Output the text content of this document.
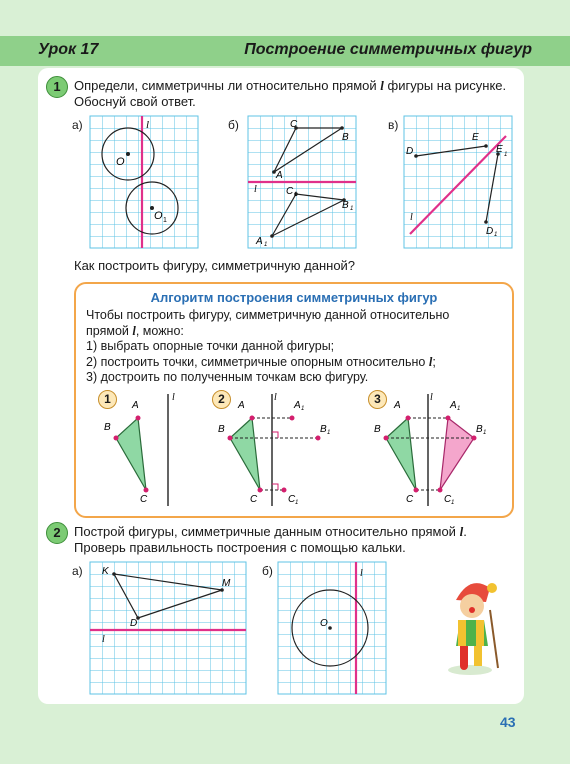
Урок 17	Построение симметричных фигур
1	Определи, симметричны ли относительно прямой l фигуры на рисунке.
Обоснуй свой ответ.
а)	б)	в)
O
O 1
l
A
C
B
A 1
C 1
B 1
l
D
E
E 1
D 1
l
Как построить фигуру, симметричную данной?
Алгоритм построения симметричных фигур
Чтобы построить фигуру, симметричную данной относительно
прямой l, можно:
1) выбрать опорные точки данной фигуры;
2) построить точки, симметричные опорным относительно l;
3) достроить по полученным точкам всю фигуру.
1	2	3
A
B
C
l
A
B
C
A 1
B 1
C 1
l
A
B
C
A 1
B 1
C 1
l
2	Построй фигуры, симметричные данным относительно прямой l.
Проверь правильность построения с помощью кальки.
а)	б)
K
M
D
l
O
l
43
